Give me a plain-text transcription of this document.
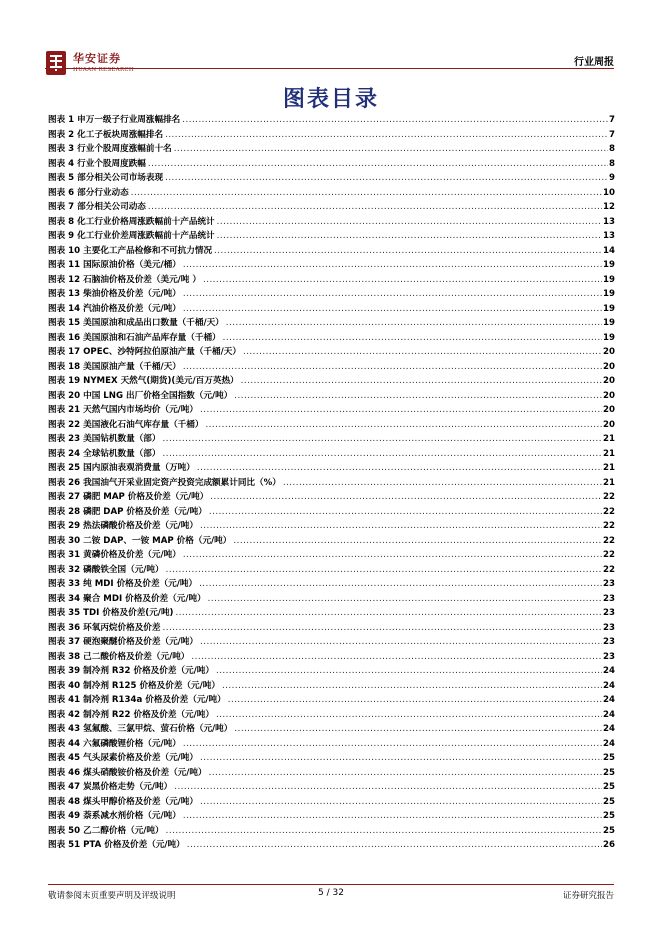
华安证券
HUAAN RESEARCH
行业周报
图表目录
图表 1 申万一级子行业周涨幅排名 .....	7
图表 2 化工子板块周涨幅排名 .....	7
图表 3 行业个股周度涨幅前十名 .....	8
图表 4 行业个股周度跌幅 .....	8
图表 5 部分相关公司市场表现 .....	9
图表 6 部分行业动态 .....	10
图表 7 部分相关公司动态 .....	12
图表 8 化工行业价格周涨跌幅前十产品统计 .....	13
图表 9 化工行业价差周涨跌幅前十产品统计 .....	13
图表 10 主要化工产品检修和不可抗力情况 .....	14
图表 11 国际原油价格（美元/桶） .....	19
图表 12 石脑油价格及价差（美元/吨 ） .....	19
图表 13 柴油价格及价差（元/吨） .....	19
图表 14 汽油价格及价差（元/吨） .....	19
图表 15 美国原油和成品出口数量（千桶/天） .....	19
图表 16 美国原油和石油产品库存量（千桶） .....	19
图表 17 OPEC、沙特阿拉伯原油产量（千桶/天） .....	20
图表 18 美国原油产量（千桶/天） .....	20
图表 19 NYMEX 天然气(期货)(美元/百万英热） .....	20
图表 20 中国 LNG 出厂价格全国指数（元/吨） .....	20
图表 21 天然气国内市场均价（元/吨） .....	20
图表 22 美国液化石油气库存量（千桶） .....	20
图表 23 美国钻机数量（部） .....	21
图表 24 全球钻机数量（部） .....	21
图表 25 国内原油表观消费量（万吨） .....	21
图表 26 我国油气开采业固定资产投资完成额累计同比（%） .....	21
图表 27 磷肥 MAP 价格及价差（元/吨） .....	22
图表 28 磷肥 DAP 价格及价差（元/吨） .....	22
图表 29 热法磷酸价格及价差（元/吨） .....	22
图表 30 二铵 DAP、一铵 MAP 价格（元/吨） .....	22
图表 31 黄磷价格及价差（元/吨） .....	22
图表 32 磷酸铁全国（元/吨） .....	22
图表 33 纯 MDI 价格及价差（元/吨） .....	23
图表 34 聚合 MDI 价格及价差（元/吨） .....	23
图表 35 TDI 价格及价差(元/吨) .....	23
图表 36 环氧丙烷价格及价差 .....	23
图表 37 硬泡聚醚价格及价差（元/吨） .....	23
图表 38 己二酸价格及价差（元/吨） .....	23
图表 39 制冷剂 R32 价格及价差（元/吨） .....	24
图表 40 制冷剂 R125 价格及价差（元/吨） .....	24
图表 41 制冷剂 R134a 价格及价差（元/吨） .....	24
图表 42 制冷剂 R22 价格及价差（元/吨） .....	24
图表 43 氢氟酸、三氯甲烷、萤石价格（元/吨） .....	24
图表 44 六氟磷酸锂价格（元/吨） .....	24
图表 45 气头尿素价格及价差（元/吨） .....	25
图表 46 煤头硝酸铵价格及价差（元/吨） .....	25
图表 47 炭黑价格走势（元/吨） .....	25
图表 48 煤头甲醇价格及价差（元/吨） .....	25
图表 49 萘系减水剂价格（元/吨） .....	25
图表 50 乙二醇价格（元/吨） .....	25
图表 51 PTA 价格及价差（元/吨） .....	26
敬请参阅末页重要声明及评级说明	5 / 32	证券研究报告
